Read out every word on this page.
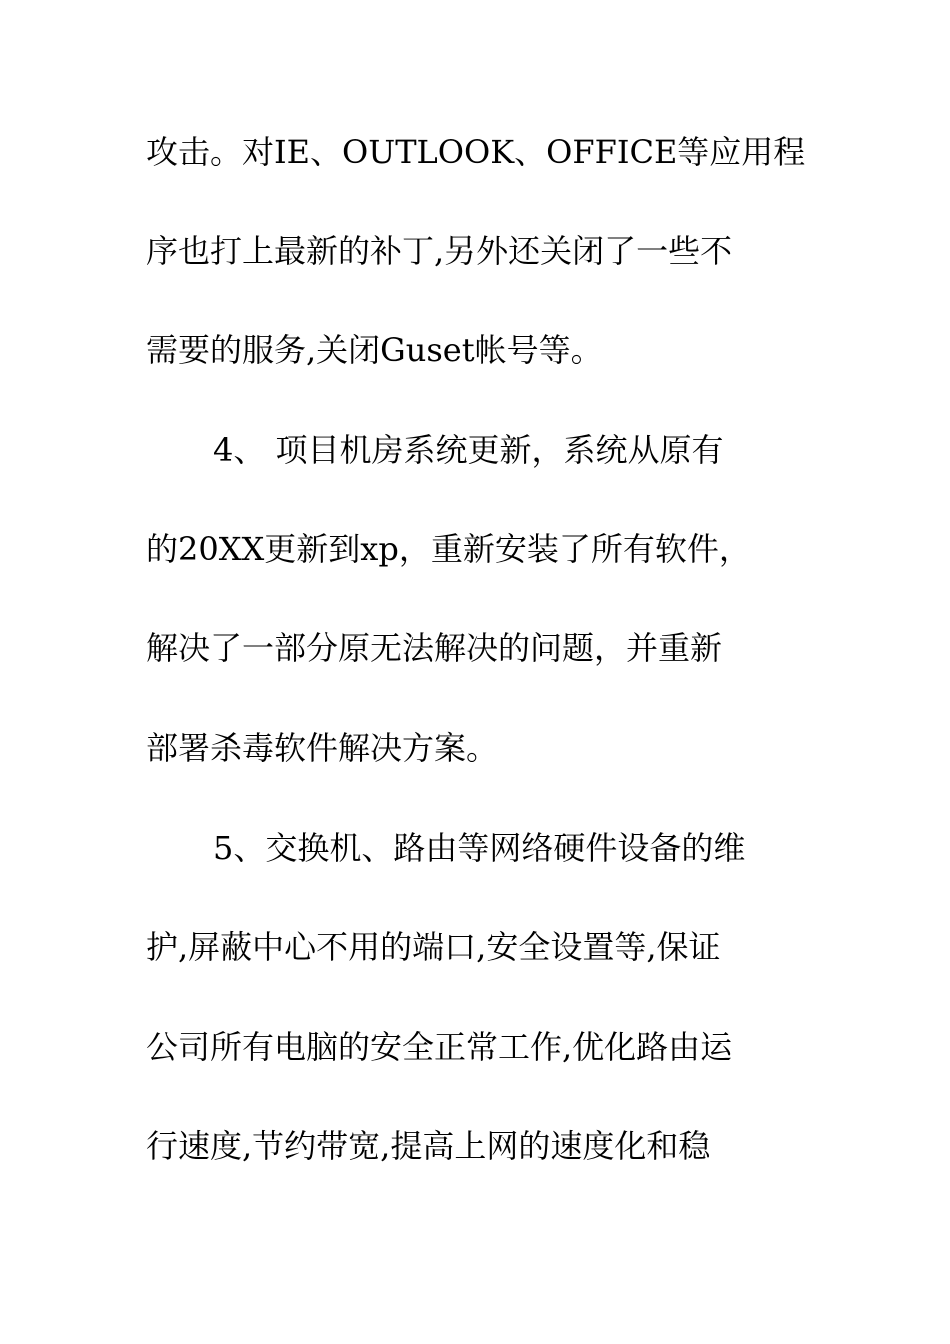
攻击。对IE、OUTLOOK、OFFICE等应用程
序也打上最新的补丁,另外还关闭了一些不
需要的服务,关闭Guset帐号等。
4、 项目机房系统更新，系统从原有
的20XX更新到xp，重新安装了所有软件，
解决了一部分原无法解决的问题，并重新
部署杀毒软件解决方案。
5、交换机、路由等网络硬件设备的维
护,屏蔽中心不用的端口,安全设置等,保证
公司所有电脑的安全正常工作,优化路由运
行速度,节约带宽,提高上网的速度化和稳
